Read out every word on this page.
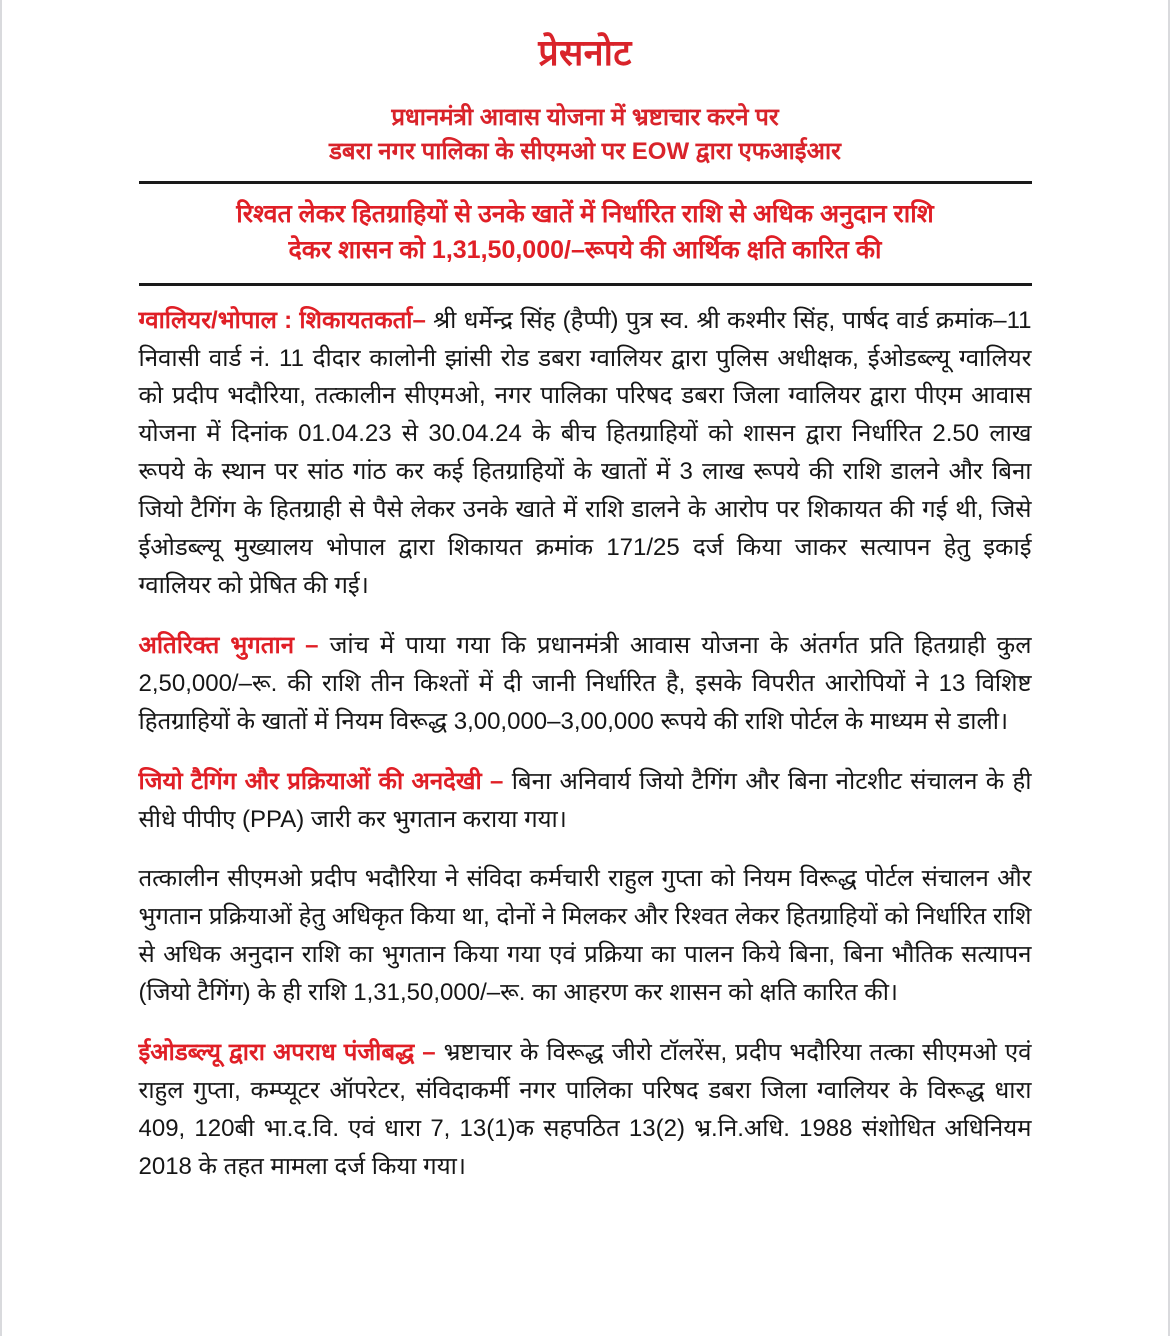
प्रेसनोट
प्रधानमंत्री आवास योजना में भ्रष्टाचार करने पर
डबरा नगर पालिका के सीएमओ पर EOW द्वारा एफआईआर
रिश्वत लेकर हितग्राहियों से उनके खातें में निर्धारित राशि से अधिक अनुदान राशि
देकर शासन को 1,31,50,000/–रूपये की आर्थिक क्षति कारित की

ग्वालियर/भोपाल : शिकायतकर्ता– श्री धर्मेन्द्र सिंह (हैप्पी) पुत्र स्व. श्री कश्मीर सिंह, पार्षद वार्ड क्रमांक–11 निवासी वार्ड नं. 11 दीदार कालोनी झांसी रोड डबरा ग्वालियर द्वारा पुलिस अधीक्षक, ईओडब्ल्यू ग्वालियर को प्रदीप भदौरिया, तत्कालीन सीएमओ, नगर पालिका परिषद डबरा जिला ग्वालियर द्वारा पीएम आवास योजना में दिनांक 01.04.23 से 30.04.24 के बीच हितग्राहियों को शासन द्वारा निर्धारित 2.50 लाख रूपये के स्थान पर सांठ गांठ कर कई हितग्राहियों के खातों में 3 लाख रूपये की राशि डालने और बिना जियो टैगिंग के हितग्राही से पैसे लेकर उनके खाते में राशि डालने के आरोप पर शिकायत की गई थी, जिसे ईओडब्ल्यू मुख्यालय भोपाल द्वारा शिकायत क्रमांक 171/25 दर्ज किया जाकर सत्यापन हेतु इकाई ग्वालियर को प्रेषित की गई।

अतिरिक्त भुगतान – जांच में पाया गया कि प्रधानमंत्री आवास योजना के अंतर्गत प्रति हितग्राही कुल 2,50,000/–रू. की राशि तीन किश्तों में दी जानी निर्धारित है, इसके विपरीत आरोपियों ने 13 विशिष्ट हितग्राहियों के खातों में नियम विरूद्ध 3,00,000–3,00,000 रूपये की राशि पोर्टल के माध्यम से डाली।

जियो टैगिंग और प्रक्रियाओं की अनदेखी – बिना अनिवार्य जियो टैगिंग और बिना नोटशीट संचालन के ही सीधे पीपीए (PPA) जारी कर भुगतान कराया गया।

तत्कालीन सीएमओ प्रदीप भदौरिया ने संविदा कर्मचारी राहुल गुप्ता को नियम विरूद्ध पोर्टल संचालन और भुगतान प्रक्रियाओं हेतु अधिकृत किया था, दोनों ने मिलकर और रिश्वत लेकर हितग्राहियों को निर्धारित राशि से अधिक अनुदान राशि का भुगतान किया गया एवं प्रक्रिया का पालन किये बिना, बिना भौतिक सत्यापन (जियो टैगिंग) के ही राशि 1,31,50,000/–रू. का आहरण कर शासन को क्षति कारित की।

ईओडब्ल्यू द्वारा अपराध पंजीबद्ध – भ्रष्टाचार के विरूद्ध जीरो टॉलरेंस, प्रदीप भदौरिया तत्का सीएमओ एवं राहुल गुप्ता, कम्प्यूटर ऑपरेटर, संविदाकर्मी नगर पालिका परिषद डबरा जिला ग्वालियर के विरूद्ध धारा 409, 120बी भा.द.वि. एवं धारा 7, 13(1)क सहपठित 13(2) भ्र.नि.अधि. 1988 संशोधित अधिनियम 2018 के तहत मामला दर्ज किया गया।
